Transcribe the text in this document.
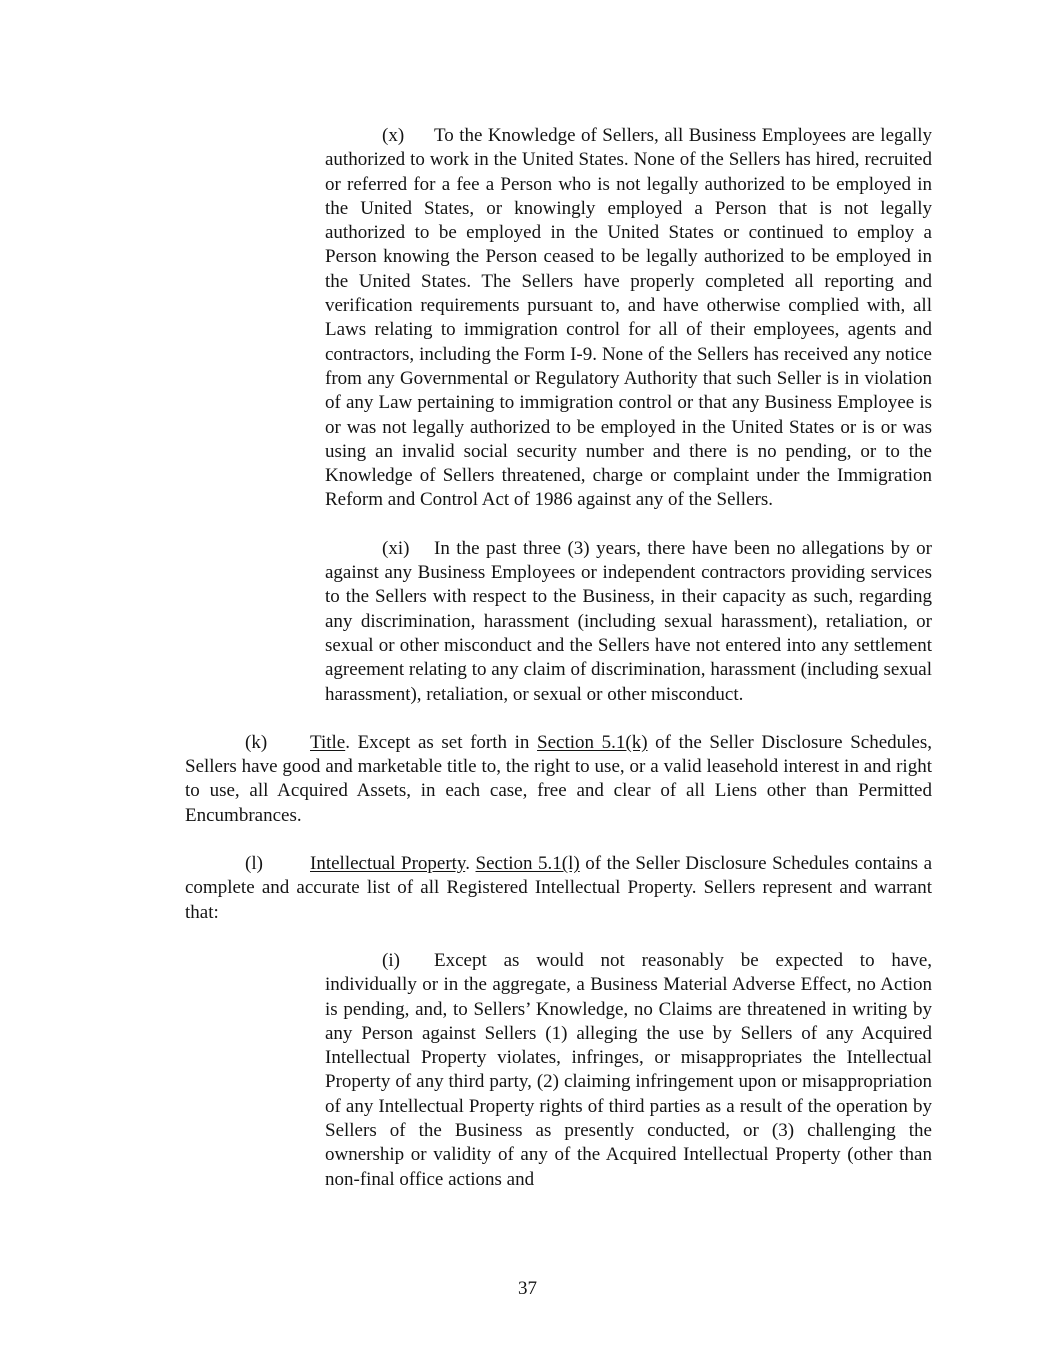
(x) To the Knowledge of Sellers, all Business Employees are legally authorized to work in the United States. None of the Sellers has hired, recruited or referred for a fee a Person who is not legally authorized to be employed in the United States, or knowingly employed a Person that is not legally authorized to be employed in the United States or continued to employ a Person knowing the Person ceased to be legally authorized to be employed in the United States. The Sellers have properly completed all reporting and verification requirements pursuant to, and have otherwise complied with, all Laws relating to immigration control for all of their employees, agents and contractors, including the Form I-9. None of the Sellers has received any notice from any Governmental or Regulatory Authority that such Seller is in violation of any Law pertaining to immigration control or that any Business Employee is or was not legally authorized to be employed in the United States or is or was using an invalid social security number and there is no pending, or to the Knowledge of Sellers threatened, charge or complaint under the Immigration Reform and Control Act of 1986 against any of the Sellers.

(xi) In the past three (3) years, there have been no allegations by or against any Business Employees or independent contractors providing services to the Sellers with respect to the Business, in their capacity as such, regarding any discrimination, harassment (including sexual harassment), retaliation, or sexual or other misconduct and the Sellers have not entered into any settlement agreement relating to any claim of discrimination, harassment (including sexual harassment), retaliation, or sexual or other misconduct.

(k) Title. Except as set forth in Section 5.1(k) of the Seller Disclosure Schedules, Sellers have good and marketable title to, the right to use, or a valid leasehold interest in and right to use, all Acquired Assets, in each case, free and clear of all Liens other than Permitted Encumbrances.

(l) Intellectual Property. Section 5.1(l) of the Seller Disclosure Schedules contains a complete and accurate list of all Registered Intellectual Property. Sellers represent and warrant that:

(i) Except as would not reasonably be expected to have, individually or in the aggregate, a Business Material Adverse Effect, no Action is pending, and, to Sellers’ Knowledge, no Claims are threatened in writing by any Person against Sellers (1) alleging the use by Sellers of any Acquired Intellectual Property violates, infringes, or misappropriates the Intellectual Property of any third party, (2) claiming infringement upon or misappropriation of any Intellectual Property rights of third parties as a result of the operation by Sellers of the Business as presently conducted, or (3) challenging the ownership or validity of any of the Acquired Intellectual Property (other than non-final office actions and

37
